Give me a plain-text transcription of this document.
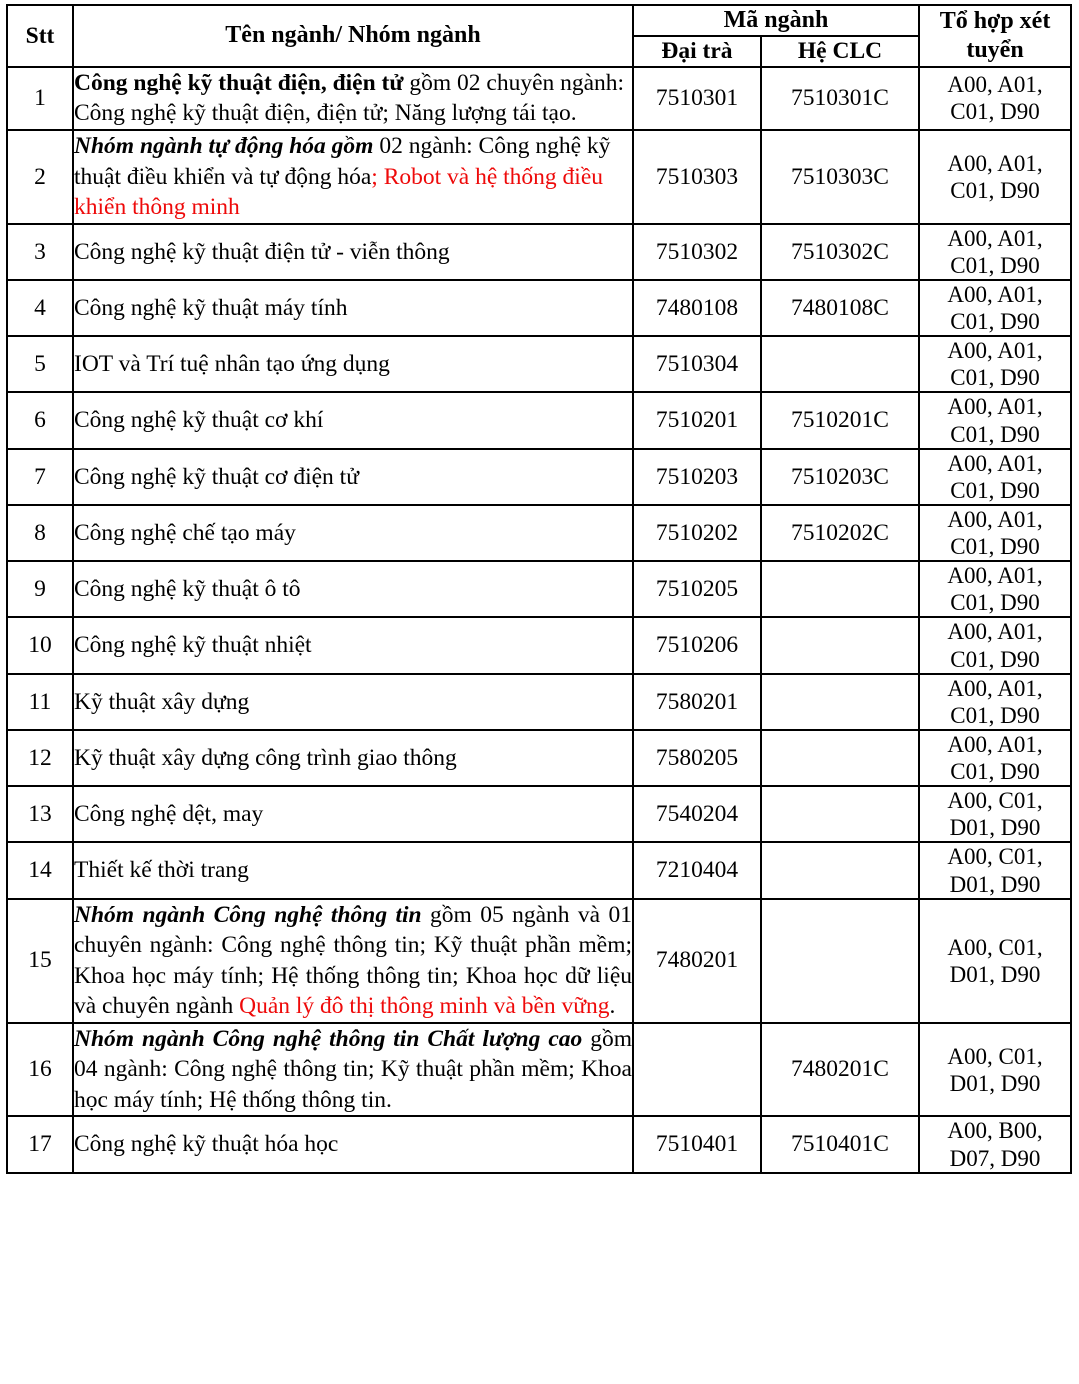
Stt	Tên ngành/ Nhóm ngành	Mã ngành		Tổ hợp xét tuyển
		Đại trà	Hệ CLC	
1	Công nghệ kỹ thuật điện, điện tử gồm 02 chuyên ngành: Công nghệ kỹ thuật điện, điện tử; Năng lượng tái tạo.	7510301	7510301C	A00, A01,
C01, D90

2	Nhóm ngành tự động hóa gồm 02 ngành: Công nghệ kỹ thuật điều khiển và tự động hóa; Robot và hệ thống điều khiển thông minh	7510303	7510303C	A00, A01,
C01, D90

3	Công nghệ kỹ thuật điện tử - viễn thông	7510302	7510302C	A00, A01,
C01, D90

4	Công nghệ kỹ thuật máy tính	7480108	7480108C	A00, A01,
C01, D90

5	IOT và Trí tuệ nhân tạo ứng dụng	7510304		A00, A01,
C01, D90

6	Công nghệ kỹ thuật cơ khí	7510201	7510201C	A00, A01,
C01, D90

7	Công nghệ kỹ thuật cơ điện tử	7510203	7510203C	A00, A01,
C01, D90

8	Công nghệ chế tạo máy	7510202	7510202C	A00, A01,
C01, D90

9	Công nghệ kỹ thuật ô tô	7510205		A00, A01,
C01, D90

10	Công nghệ kỹ thuật nhiệt	7510206		A00, A01,
C01, D90

11	Kỹ thuật xây dựng	7580201		A00, A01,
C01, D90

12	Kỹ thuật xây dựng công trình giao thông	7580205		A00, A01,
C01, D90

13	Công nghệ dệt, may	7540204		A00, C01,
D01, D90

14	Thiết kế thời trang	7210404		A00, C01,
D01, D90

15	Nhóm ngành Công nghệ thông tin gồm 05 ngành và 01 chuyên ngành: Công nghệ thông tin; Kỹ thuật phần mềm; Khoa học máy tính; Hệ thống thông tin; Khoa học dữ liệu và chuyên ngành Quản lý đô thị thông minh và bền vững.	7480201		A00, C01,
D01, D90

16	Nhóm ngành Công nghệ thông tin Chất lượng cao gồm 04 ngành: Công nghệ thông tin; Kỹ thuật phần mềm; Khoa học máy tính; Hệ thống thông tin.		7480201C	A00, C01,
D01, D90

17	Công nghệ kỹ thuật hóa học	7510401	7510401C	A00, B00,
D07, D90
